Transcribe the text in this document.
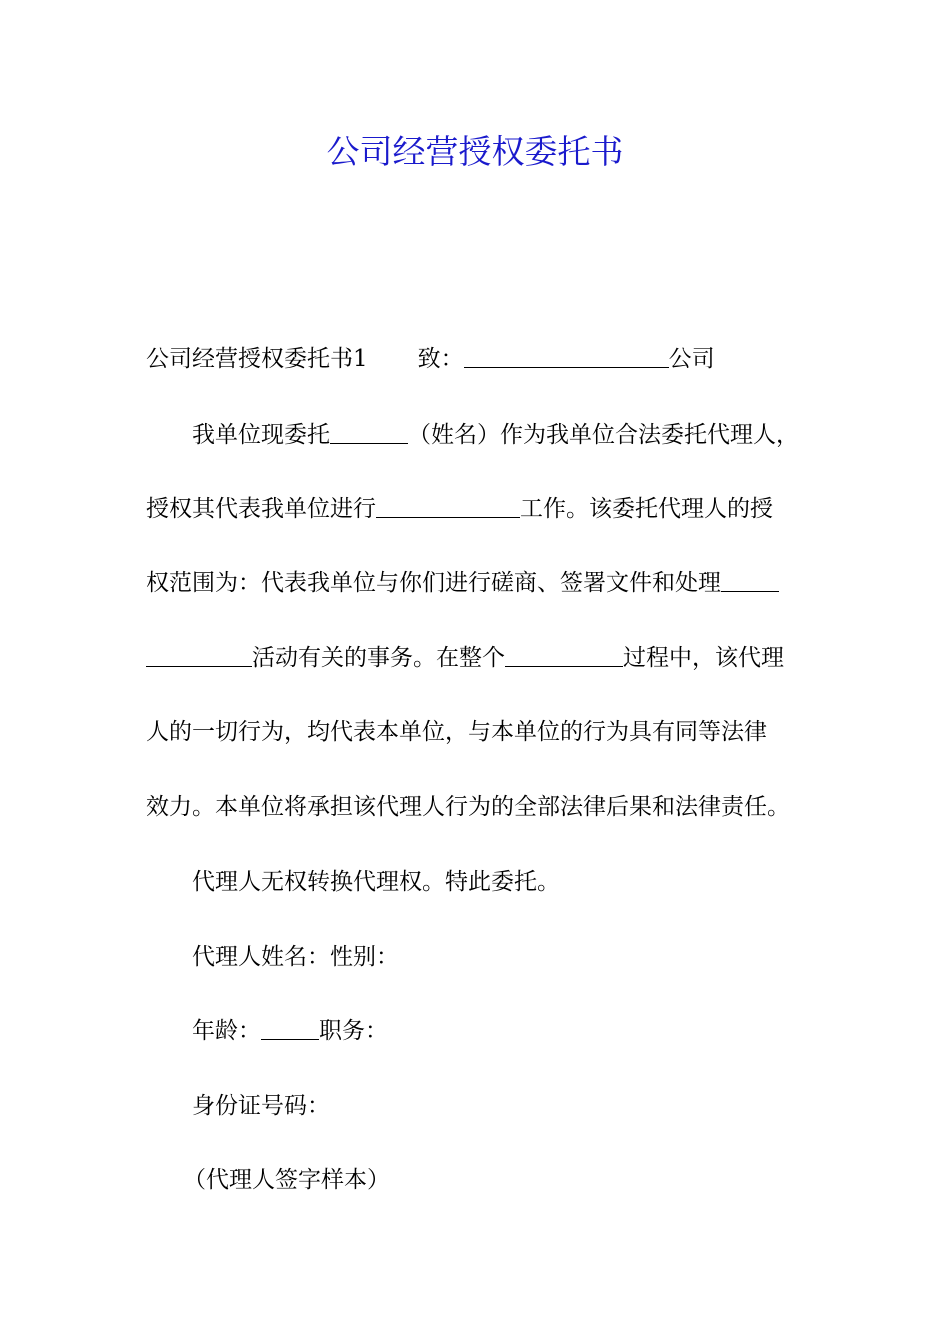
公司经营授权委托书
公司经营授权委托书1 致：	公司
我单位现委托	（姓名）作为我单位合法委托代理人，
授权其代表我单位进行	工作。该委托代理人的授
权范围为：代表我单位与你们进行磋商、签署文件和处理
活动有关的事务。在整个	过程中，该代理
人的一切行为，均代表本单位，与本单位的行为具有同等法律
效力。本单位将承担该代理人行为的全部法律后果和法律责任。
代理人无权转换代理权。特此委托。
代理人姓名：性别：
年龄：	职务：
身份证号码：
（代理人签字样本）
